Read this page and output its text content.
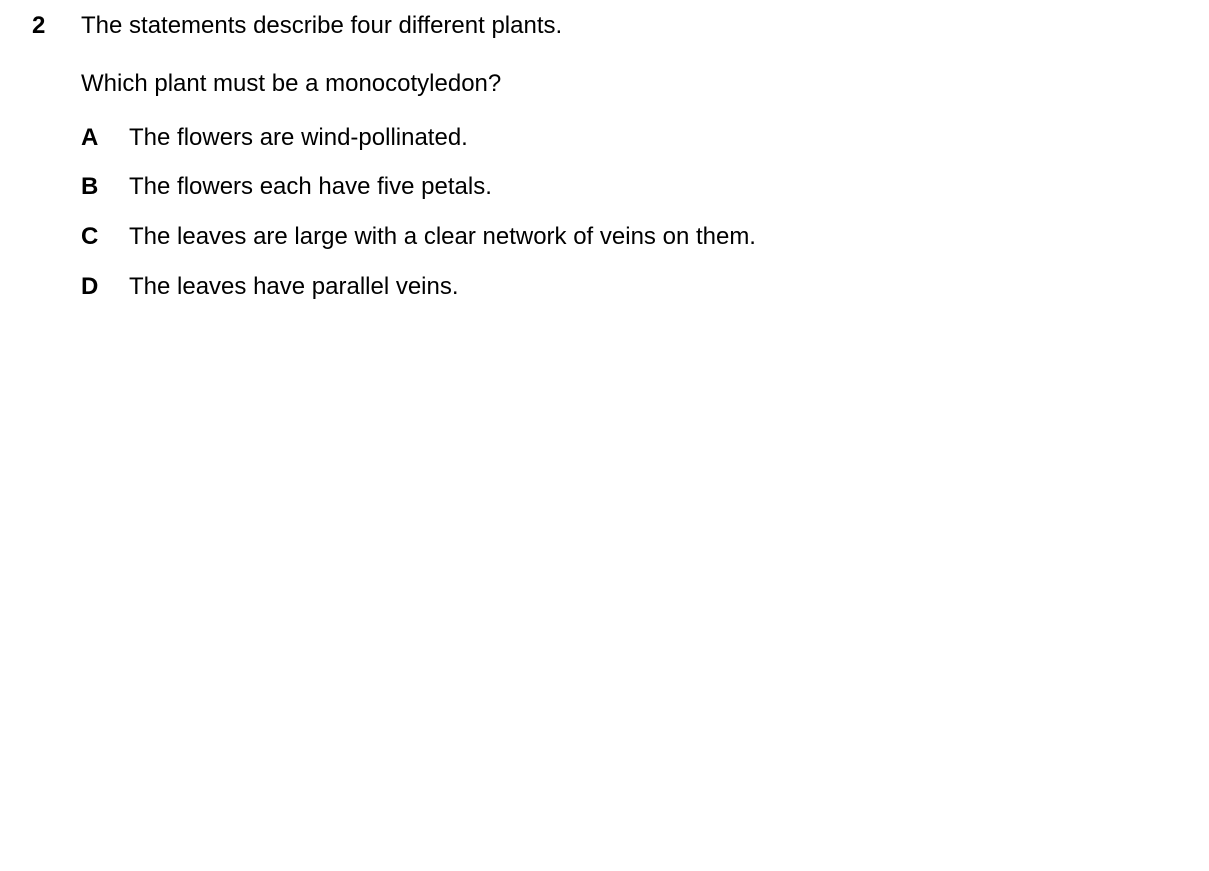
2 The statements describe four different plants.
Which plant must be a monocotyledon?
A The flowers are wind-pollinated.
B The flowers each have five petals.
C The leaves are large with a clear network of veins on them.
D The leaves have parallel veins.
